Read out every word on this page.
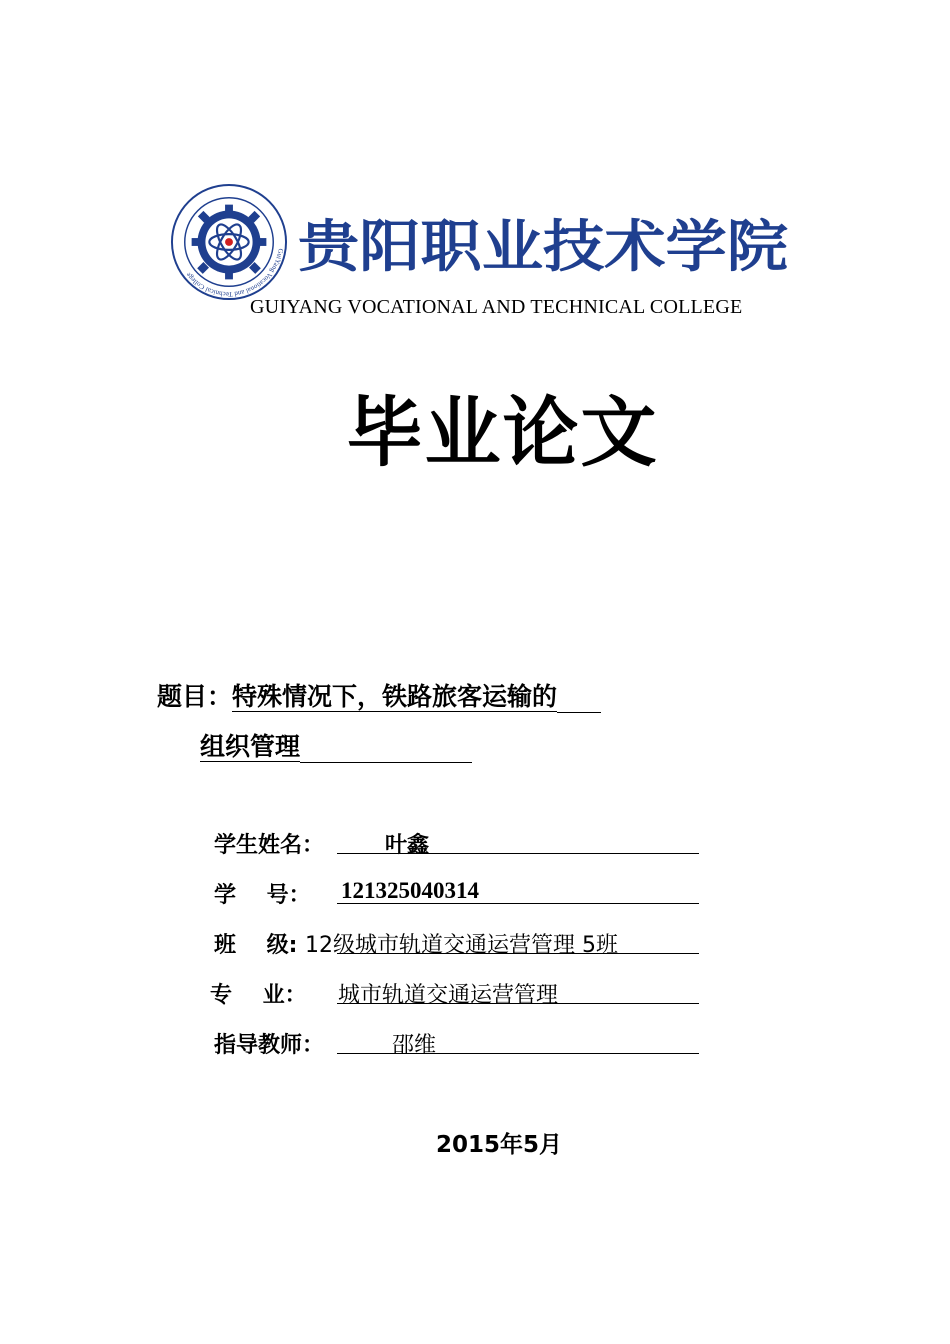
GuiYang Vocational and Technical College	贵阳职业技术学院
GUIYANG VOCATIONAL AND TECHNICAL COLLEGE
毕业论文
题目：特殊情况下，铁路旅客运输的
组织管理
学生姓名：	叶鑫
学    号： 121325040314
班    级: 12级城市轨道交通运营管理 5班
专    业： 城市轨道交通运营管理
指导教师：	邵维
2015年5月
